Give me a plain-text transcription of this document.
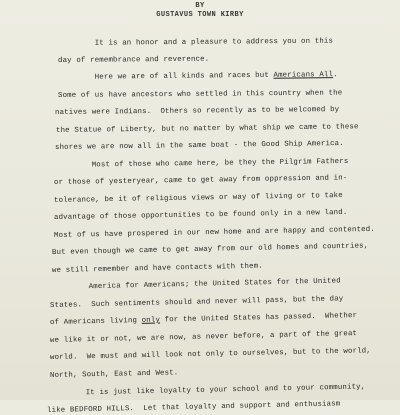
BY
GUSTAVUS TOWN KIRBY
It is an honor and a pleasure to address you on this
day of remembrance and reverence.
Here we are of all kinds and races but Americans All.
Some of us have ancestors who settled in this country when the
natives were Indians.  Others so recently as to be welcomed by
the Statue of Liberty, but no matter by what ship we came to these
shores we are now all in the same boat - the Good Ship America.
Most of those who came here, be they the Pilgrim Fathers
or those of yesteryear, came to get away from oppression and in-
tolerance, be it of religious views or way of living or to take
advantage of those opportunities to be found only in a new land.
Most of us have prospered in our new home and are happy and contented.
But even though we came to get away from our old homes and countries,
we still remember and have contacts with them.
America for Americans; the United States for the United
States.  Such sentiments should and never will pass, but the day
of Americans living only for the United States has passed.  Whether
we like it or not, we are now, as never before, a part of the great
world.  We must and will look not only to ourselves, but to the world,
North, South, East and West.
It is just like loyalty to your school and to your community,
like BEDFORD HILLS.  Let that loyalty and support and enthusiasm
